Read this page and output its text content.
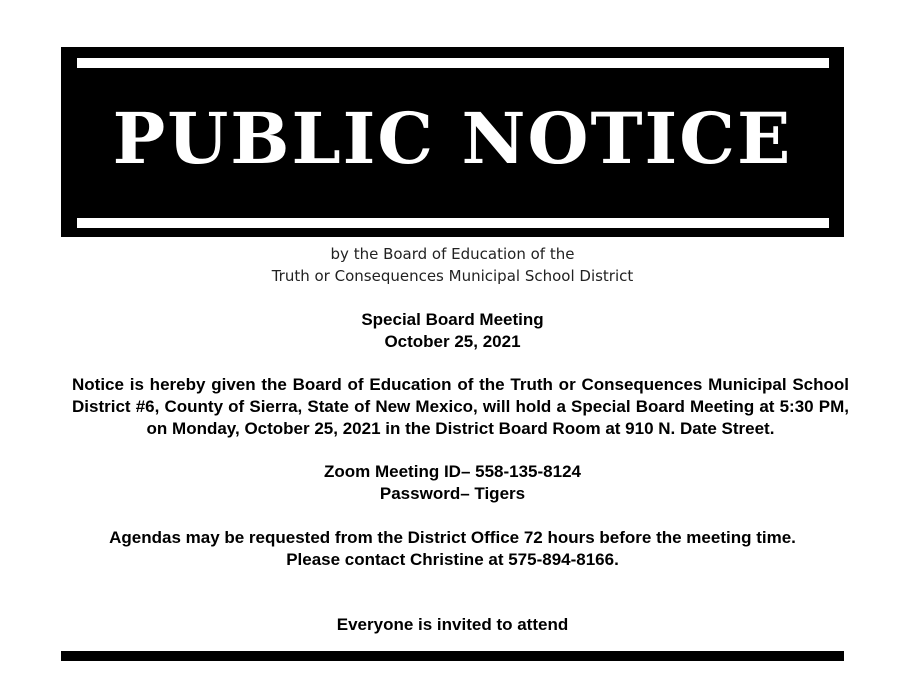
PUBLIC NOTICE
by the Board of Education of the
Truth or Consequences Municipal School District
Special Board Meeting
October 25, 2021
Notice is hereby given the Board of Education of the Truth or Consequences Municipal School District #6, County of Sierra, State of New Mexico, will hold a Special Board Meeting at 5:30 PM, on Monday, October 25, 2021 in the District Board Room at 910 N. Date Street.
Zoom Meeting ID– 558-135-8124
Password– Tigers
Agendas may be requested from the District Office 72 hours before the meeting time.
Please contact Christine at 575-894-8166.
Everyone is invited to attend
